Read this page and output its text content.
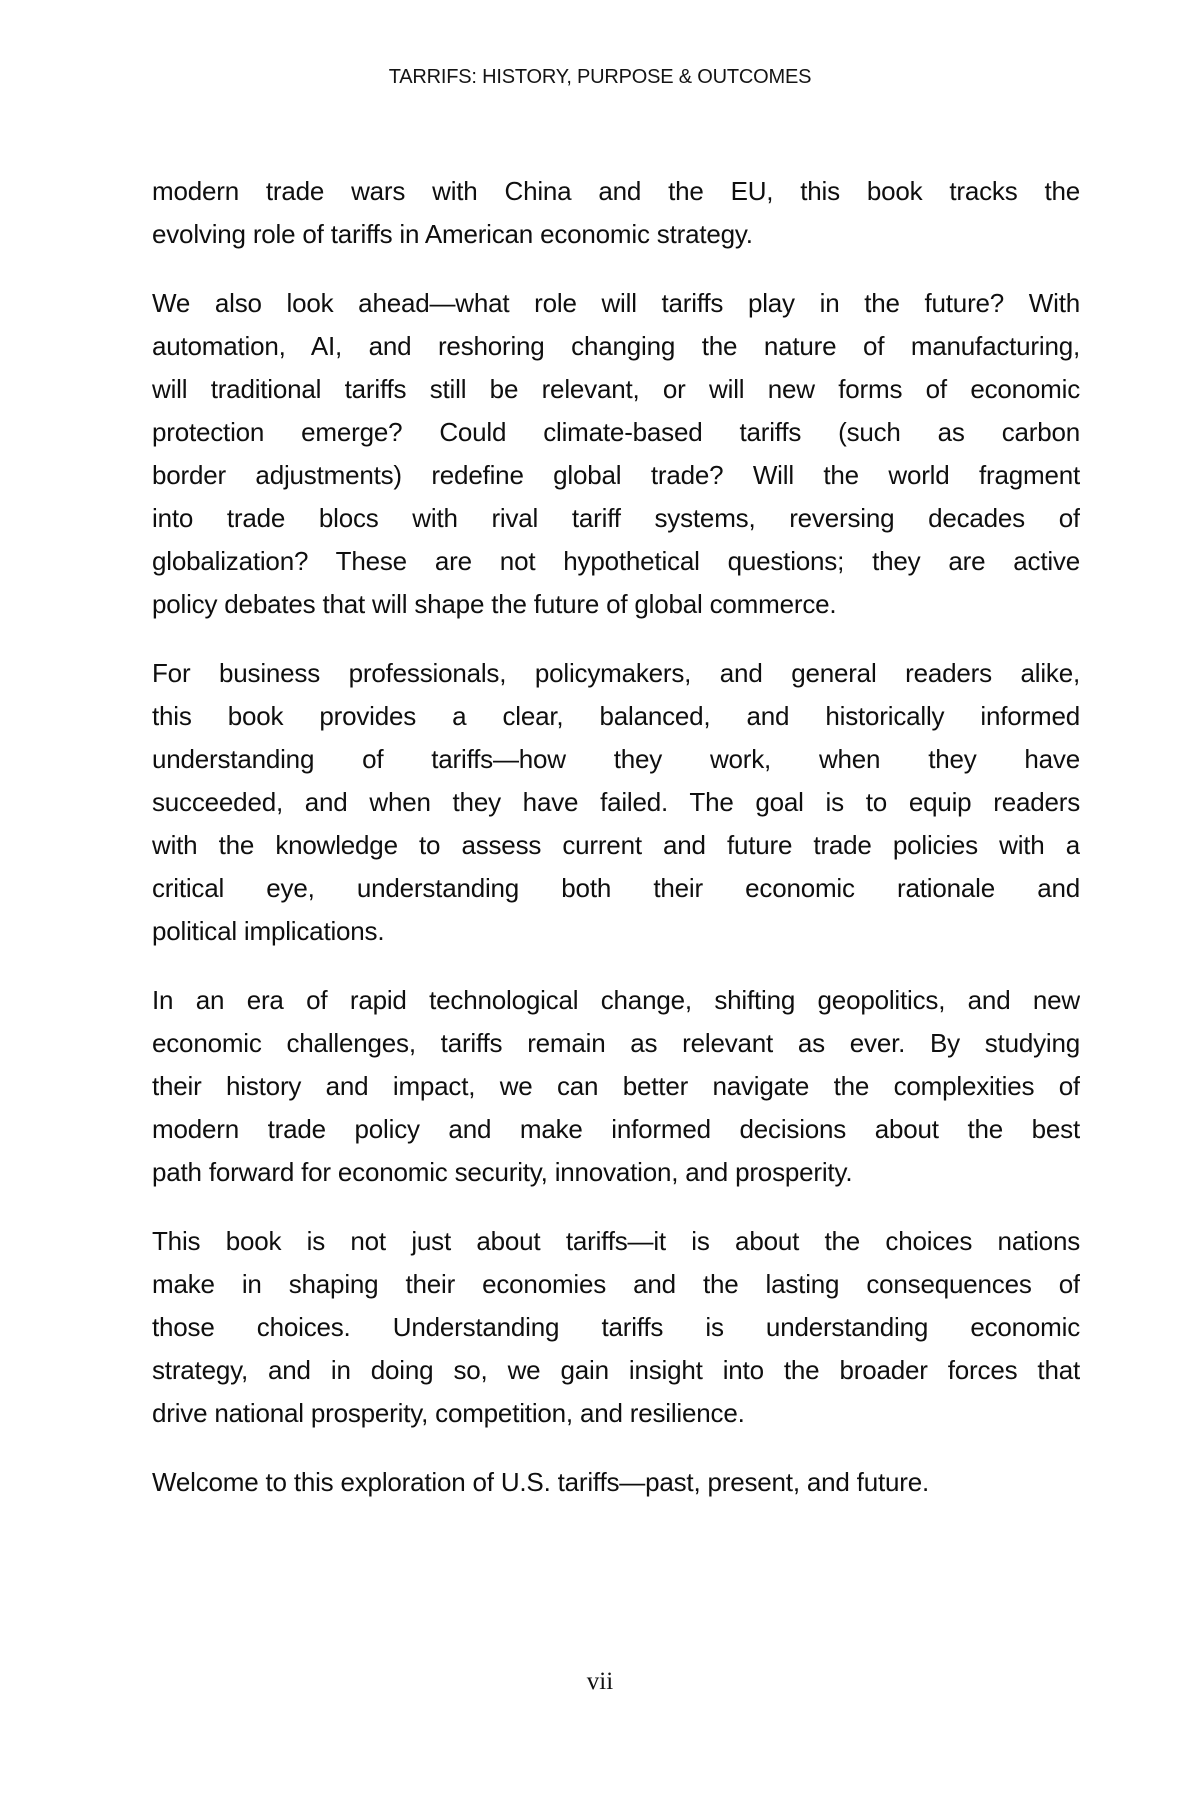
TARRIFS: HISTORY, PURPOSE & OUTCOMES
modern trade wars with China and the EU, this book tracks the
evolving role of tariffs in American economic strategy.
We also look ahead—what role will tariffs play in the future? With
automation, AI, and reshoring changing the nature of manufacturing,
will traditional tariffs still be relevant, or will new forms of economic
protection emerge? Could climate-based tariffs (such as carbon
border adjustments) redefine global trade? Will the world fragment
into trade blocs with rival tariff systems, reversing decades of
globalization? These are not hypothetical questions; they are active
policy debates that will shape the future of global commerce.
For business professionals, policymakers, and general readers alike,
this book provides a clear, balanced, and historically informed
understanding of tariffs—how they work, when they have
succeeded, and when they have failed. The goal is to equip readers
with the knowledge to assess current and future trade policies with a
critical eye, understanding both their economic rationale and
political implications.
In an era of rapid technological change, shifting geopolitics, and new
economic challenges, tariffs remain as relevant as ever. By studying
their history and impact, we can better navigate the complexities of
modern trade policy and make informed decisions about the best
path forward for economic security, innovation, and prosperity.
This book is not just about tariffs—it is about the choices nations
make in shaping their economies and the lasting consequences of
those choices. Understanding tariffs is understanding economic
strategy, and in doing so, we gain insight into the broader forces that
drive national prosperity, competition, and resilience.
Welcome to this exploration of U.S. tariffs—past, present, and future.
vii
